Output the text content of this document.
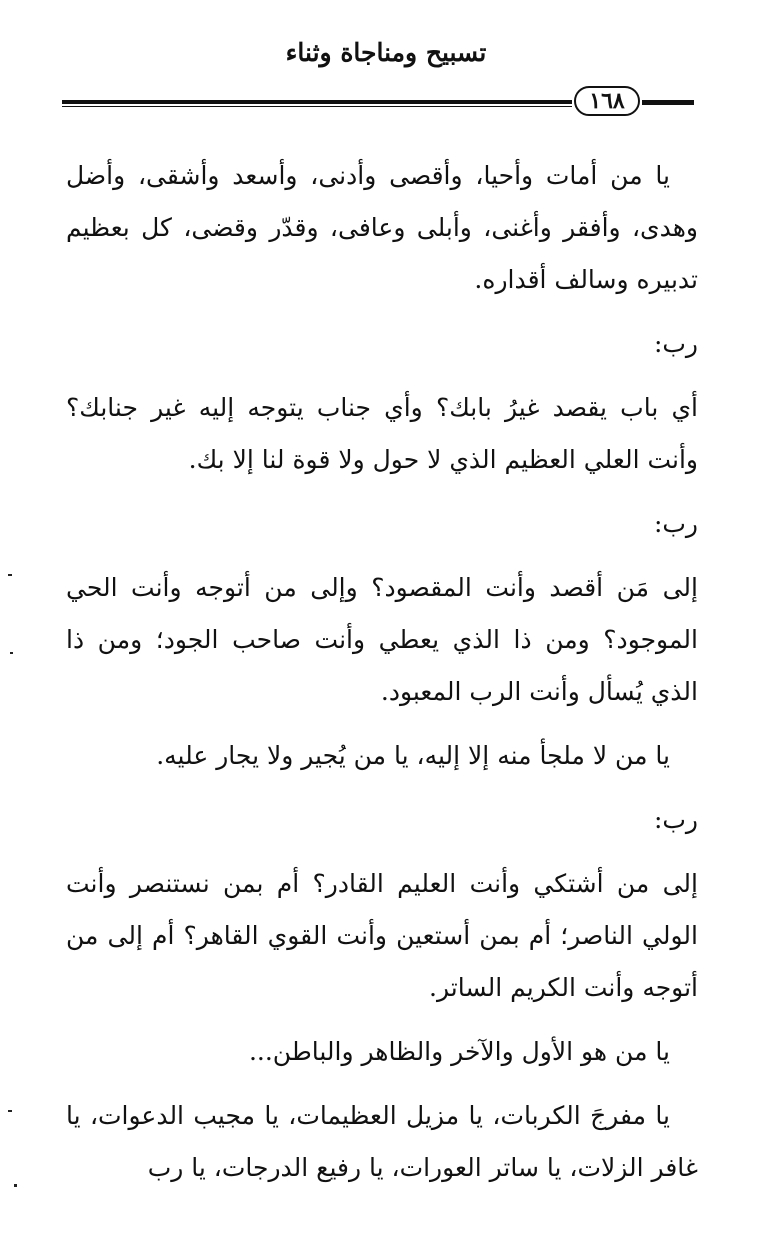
تسبيح ومناجاة وثناء
١٦٨

يا من أمات وأحيا، وأقصى وأدنى، وأسعد وأشقى، وأضل وهدى، وأفقر وأغنى، وأبلى وعافى، وقدّر وقضى، كل بعظيم تدبيره وسالف أقداره.

رب:

أي باب يقصد غيرُ بابك؟ وأي جناب يتوجه إليه غير جنابك؟ وأنت العلي العظيم الذي لا حول ولا قوة لنا إلا بك.

رب:

إلى مَن أقصد وأنت المقصود؟ وإلى من أتوجه وأنت الحي الموجود؟ ومن ذا الذي يعطي وأنت صاحب الجود؛ ومن ذا الذي يُسأل وأنت الرب المعبود.

يا من لا ملجأ منه إلا إليه، يا من يُجير ولا يجار عليه.

رب:

إلى من أشتكي وأنت العليم القادر؟ أم بمن نستنصر وأنت الولي الناصر؛ أم بمن أستعين وأنت القوي القاهر؟ أم إلى من أتوجه وأنت الكريم الساتر.

يا من هو الأول والآخر والظاهر والباطن...

يا مفرجَ الكربات، يا مزيل العظيمات، يا مجيب الدعوات، يا غافر الزلات، يا ساتر العورات، يا رفيع الدرجات، يا رب
